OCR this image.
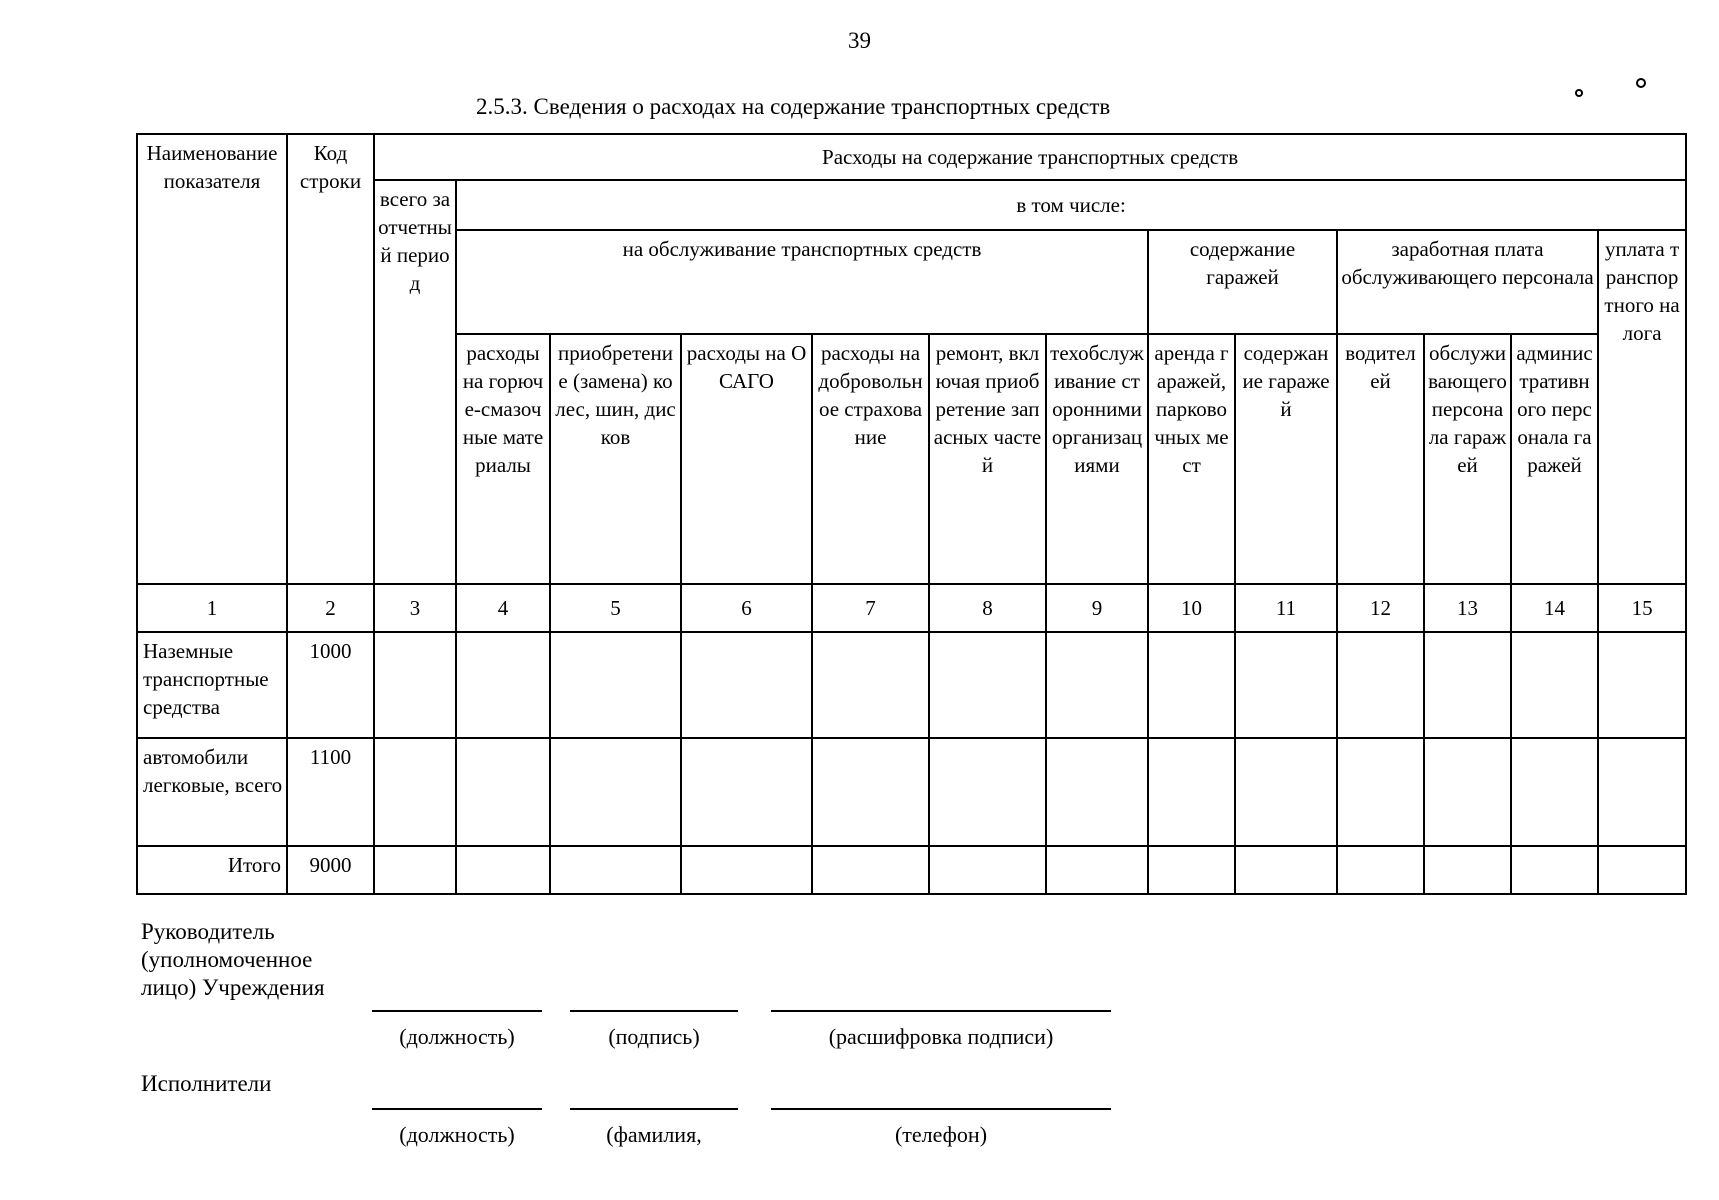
39
2.5.3. Сведения о расходах на содержание транспортных средств
Наименование показателя	Код строки	Расходы на содержание транспортных средств												
		всего за отчетный период	в том числе:											
			на обслуживание транспортных средств						содержание гаражей		заработная плата обслуживающего персонала			уплата транспортного налога
			расходы на горюче-смазочные материалы	приобретение (замена) колес, шин, дисков	расходы на ОСАГО	расходы на добровольное страхование	ремонт, включая приобретение запасных частей	техобслуживание сторонними организациями	аренда гаражей, парковочных мест	содержание гаражей	водителей	обслуживающего персонала гаражей	административного персонала гаражей	
1	2	3	4	5	6	7	8	9	10	11	12	13	14	15
Наземные транспортные средства	1000													
автомобили легковые, всего	1100													
Итого	9000													
Руководитель (уполномоченное лицо) Учреждения
(должность)	(подпись)	(расшифровка подписи)
Исполнители
(должность)	(фамилия,	(телефон)
